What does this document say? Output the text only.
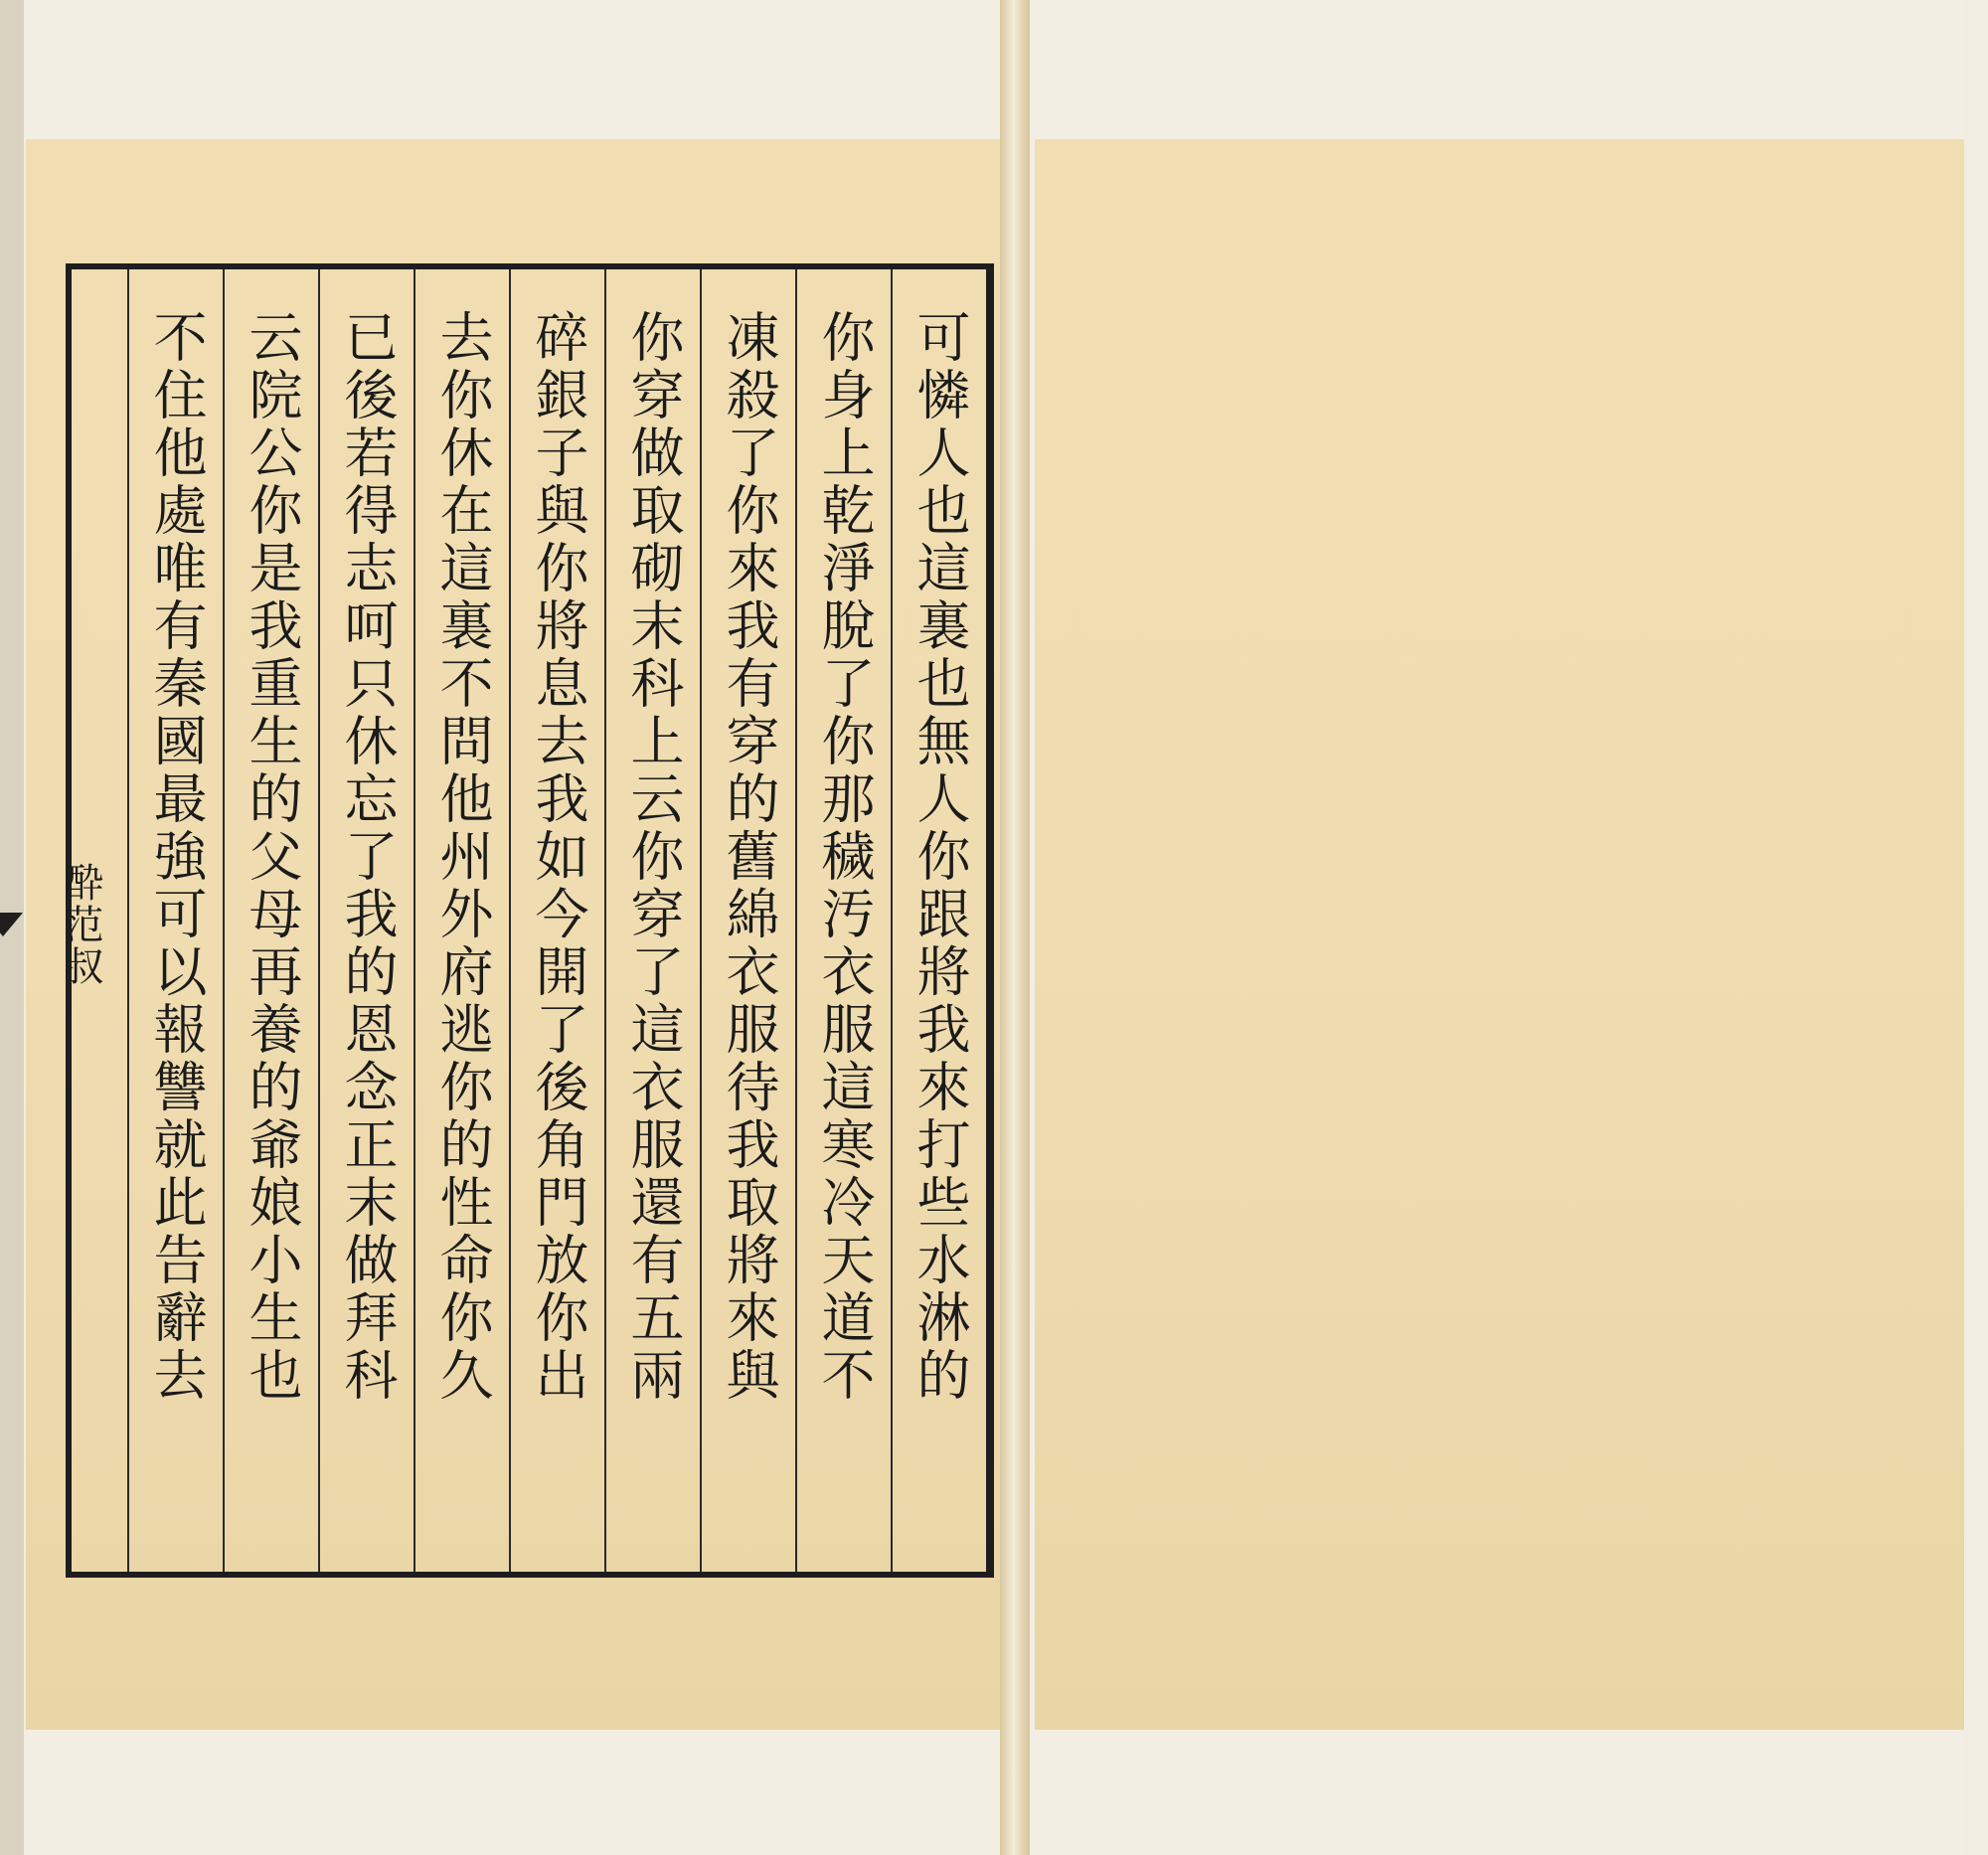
酔范叔	可憐人也這裏也無人你跟將我來打些水淋的
你身上乾淨脫了你那穢汚衣服這寒冷天道不
凍殺了你來我有穿的舊綿衣服待我取將來與
你穿做取砌末科上云你穿了這衣服還有五兩
碎銀子與你將息去我如今開了後角門放你出
去你休在這裏不問他州外府逃你的性命你久
已後若得志呵只休忘了我的恩念正末做拜科
云院公你是我重生的父母再養的爺娘小生也
不住他處唯有秦國最強可以報讐就此告辭去
